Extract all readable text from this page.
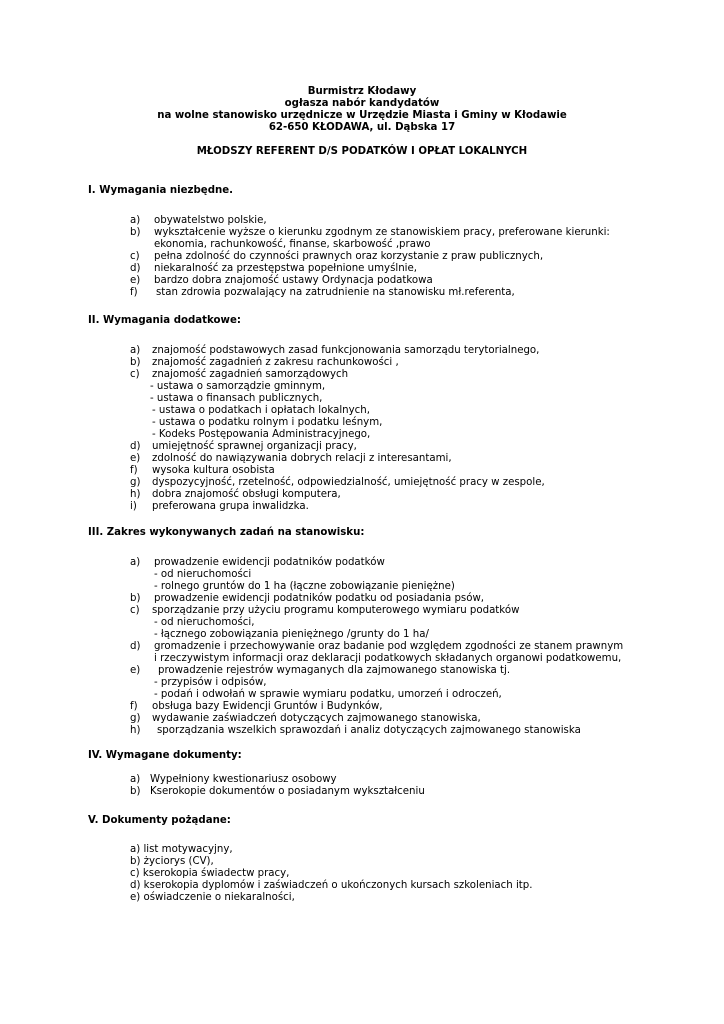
Burmistrz Kłodawy
ogłasza nabór kandydatów
na wolne stanowisko urzędnicze w Urzędzie Miasta i Gminy w Kłodawie
62-650 KŁODAWA, ul. Dąbska 17
MŁODSZY REFERENT D/S PODATKÓW I OPŁAT LOKALNYCH
I. Wymagania niezbędne.
a) obywatelstwo polskie,
b) wykształcenie wyższe o kierunku zgodnym ze stanowiskiem pracy, preferowane kierunki:
ekonomia, rachunkowość, finanse, skarbowość ,prawo
c) pełna zdolność do czynności prawnych oraz korzystanie z praw publicznych,
d) niekaralność za przestępstwa popełnione umyślnie,
e) bardzo dobra znajomość ustawy Ordynacja podatkowa
f) stan zdrowia pozwalający na zatrudnienie na stanowisku mł.referenta,
II. Wymagania dodatkowe:
a) znajomość podstawowych zasad funkcjonowania samorządu terytorialnego,
b) znajomość zagadnień z zakresu rachunkowości ,
c) znajomość zagadnień samorządowych
- ustawa o samorządzie gminnym,
- ustawa o finansach publicznych,
- ustawa o podatkach i opłatach lokalnych,
- ustawa o podatku rolnym i podatku leśnym,
- Kodeks Postępowania Administracyjnego,
d) umiejętność sprawnej organizacji pracy,
e) zdolność do nawiązywania dobrych relacji z interesantami,
f) wysoka kultura osobista
g) dyspozycyjność, rzetelność, odpowiedzialność, umiejętność pracy w zespole,
h) dobra znajomość obsługi komputera,
i) preferowana grupa inwalidzka.
III. Zakres wykonywanych zadań na stanowisku:
a) prowadzenie ewidencji podatników podatków
- od nieruchomości
- rolnego gruntów do 1 ha (łączne zobowiązanie pieniężne)
b) prowadzenie ewidencji podatników podatku od posiadania psów,
c) sporządzanie przy użyciu programu komputerowego wymiaru podatków
- od nieruchomości,
- łącznego zobowiązania pieniężnego /grunty do 1 ha/
d) gromadzenie i przechowywanie oraz badanie pod względem zgodności ze stanem prawnym
i rzeczywistym informacji oraz deklaracji podatkowych składanych organowi podatkowemu,
e) prowadzenie rejestrów wymaganych dla zajmowanego stanowiska tj.
- przypisów i odpisów,
- podań i odwołań w sprawie wymiaru podatku, umorzeń i odroczeń,
f) obsługa bazy Ewidencji Gruntów i Budynków,
g) wydawanie zaświadczeń dotyczących zajmowanego stanowiska,
h) sporządzania wszelkich sprawozdań i analiz dotyczących zajmowanego stanowiska
IV. Wymagane dokumenty:
a) Wypełniony kwestionariusz osobowy
b) Kserokopie dokumentów o posiadanym wykształceniu
V. Dokumenty pożądane:
a) list motywacyjny,
b) życiorys (CV),
c) kserokopia świadectw pracy,
d) kserokopia dyplomów i zaświadczeń o ukończonych kursach szkoleniach itp.
e) oświadczenie o niekaralności,
